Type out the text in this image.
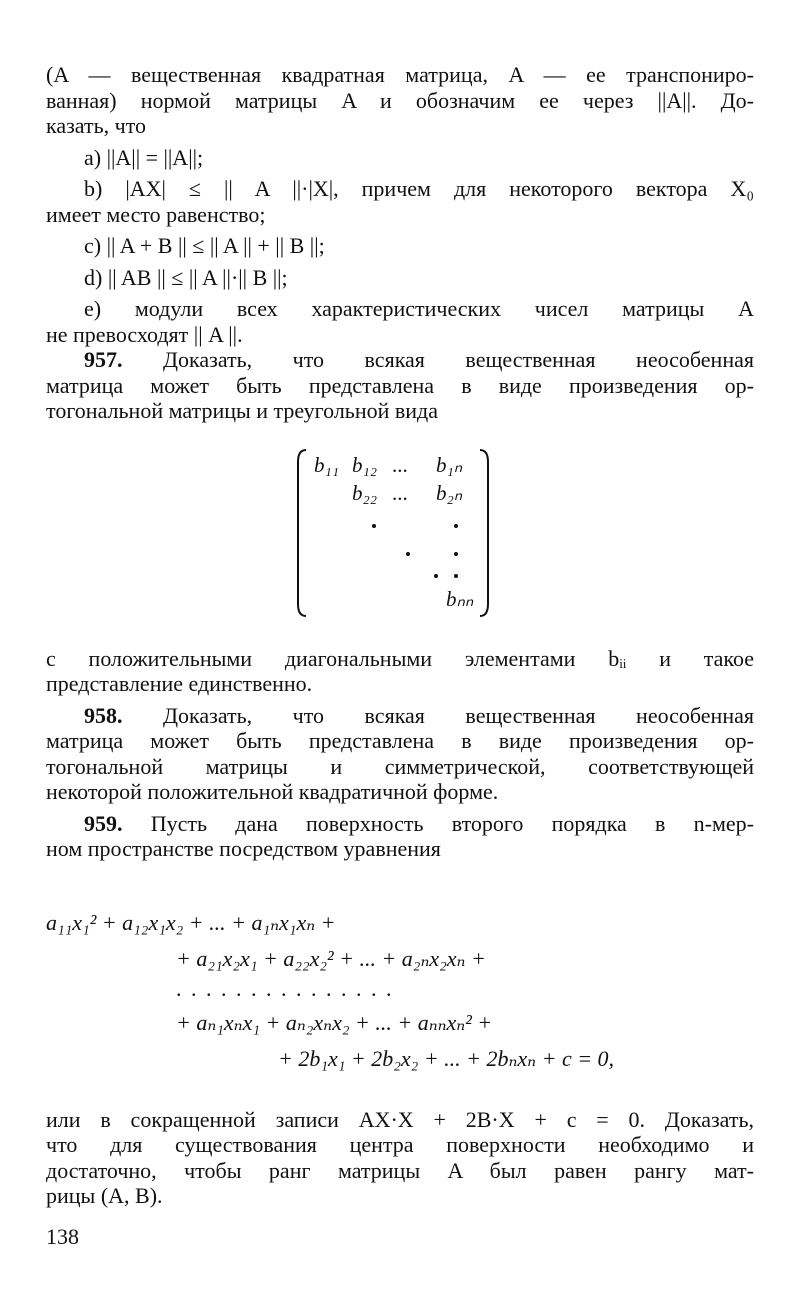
(A — вещественная квадратная матрица, A — ее транспониро-
ванная) нормой матрицы A и обозначим ее через ||A||. До-
казать, что
a) ||A|| = ||A||;
b) |AX| ≤ || A ||·|X|, причем для некоторого вектора X₀
имеет место равенство;
c) || A + B || ≤ || A || + || B ||;
d) || AB || ≤ || A ||·|| B ||;
e) модули всех характеристических чисел матрицы A
не превосходят || A ||.
957. Доказать, что всякая вещественная неособенная
матрица может быть представлена в виде произведения ор-
тогональной матрицы и треугольной вида
b₁₁ b₁₂ ... b₁ₙ
b₂₂ ... b₂ₙ
bₙₙ
с положительными диагональными элементами bᵢᵢ и такое
представление единственно.
958. Доказать, что всякая вещественная неособенная
матрица может быть представлена в виде произведения ор-
тогональной матрицы и симметрической, соответствующей
некоторой положительной квадратичной форме.
959. Пусть дана поверхность второго порядка в n-мер-
ном пространстве посредством уравнения
a₁₁x₁² + a₁₂x₁x₂ + ... + a₁ₙx₁xₙ +
+ a₂₁x₂x₁ + a₂₂x₂² + ... + a₂ₙx₂xₙ +
...............
+ aₙ₁xₙx₁ + aₙ₂xₙx₂ + ... + aₙₙxₙ² +
+ 2b₁x₁ + 2b₂x₂ + ... + 2bₙxₙ + c = 0,
или в сокращенной записи AX·X + 2B·X + c = 0. Доказать,
что для существования центра поверхности необходимо и
достаточно, чтобы ранг матрицы A был равен рангу мат-
рицы (A, B).
138
